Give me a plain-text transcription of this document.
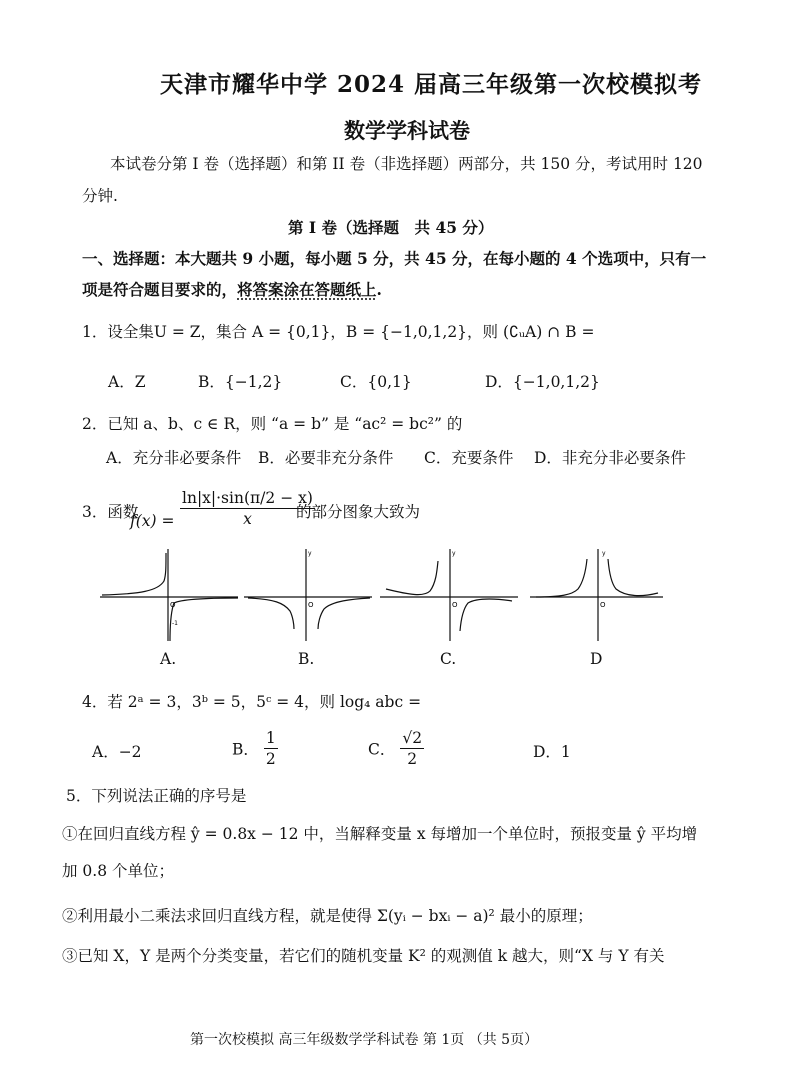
天津市耀华中学 2024 届高三年级第一次校模拟考
数学学科试卷
本试卷分第 I 卷（选择题）和第 II 卷（非选择题）两部分，共 150 分，考试用时 120
分钟.
第 I 卷（选择题　共 45 分）
一、选择题：本大题共 9 小题，每小题 5 分，共 45 分，在每小题的 4 个选项中，只有一
项是符合题目要求的，将答案涂在答题纸上.
1．设全集U = Z，集合 A = {0,1}，B = {−1,0,1,2}，则 (∁ᵤA) ∩ B =
A．Z	B．{−1,2}	C．{0,1}	D．{−1,0,1,2}
2．已知 a、b、c ∈ R，则 “a = b” 是 “ac² = bc²” 的
A．充分非必要条件 B．必要非充分条件 C．充要条件 D．非充分非必要条件
3．函数
$f(x) = \frac{\ln|x|\cdot\sin(\pi/2 - x)}{x}$
的部分图象大致为
O
-1
O
y
O
y
O
y
A.	B.	C.	D
4．若 2ᵃ = 3，3ᵇ = 5，5ᶜ = 4，则 log₄ abc =
A．−2	B． $\frac{1}{2}$	C． $\frac{√2}{2}$	D．1
5．下列说法正确的序号是
①在回归直线方程 ŷ = 0.8x − 12 中，当解释变量 x 每增加一个单位时，预报变量 ŷ 平均增
加 0.8 个单位；
②利用最小二乘法求回归直线方程，就是使得 Σ(yᵢ − bxᵢ − a)² 最小的原理；
③已知 X，Y 是两个分类变量，若它们的随机变量 K² 的观测值 k 越大，则“X 与 Y 有关
第一次校模拟 高三年级数学学科试卷 第 1页 （共 5页）
